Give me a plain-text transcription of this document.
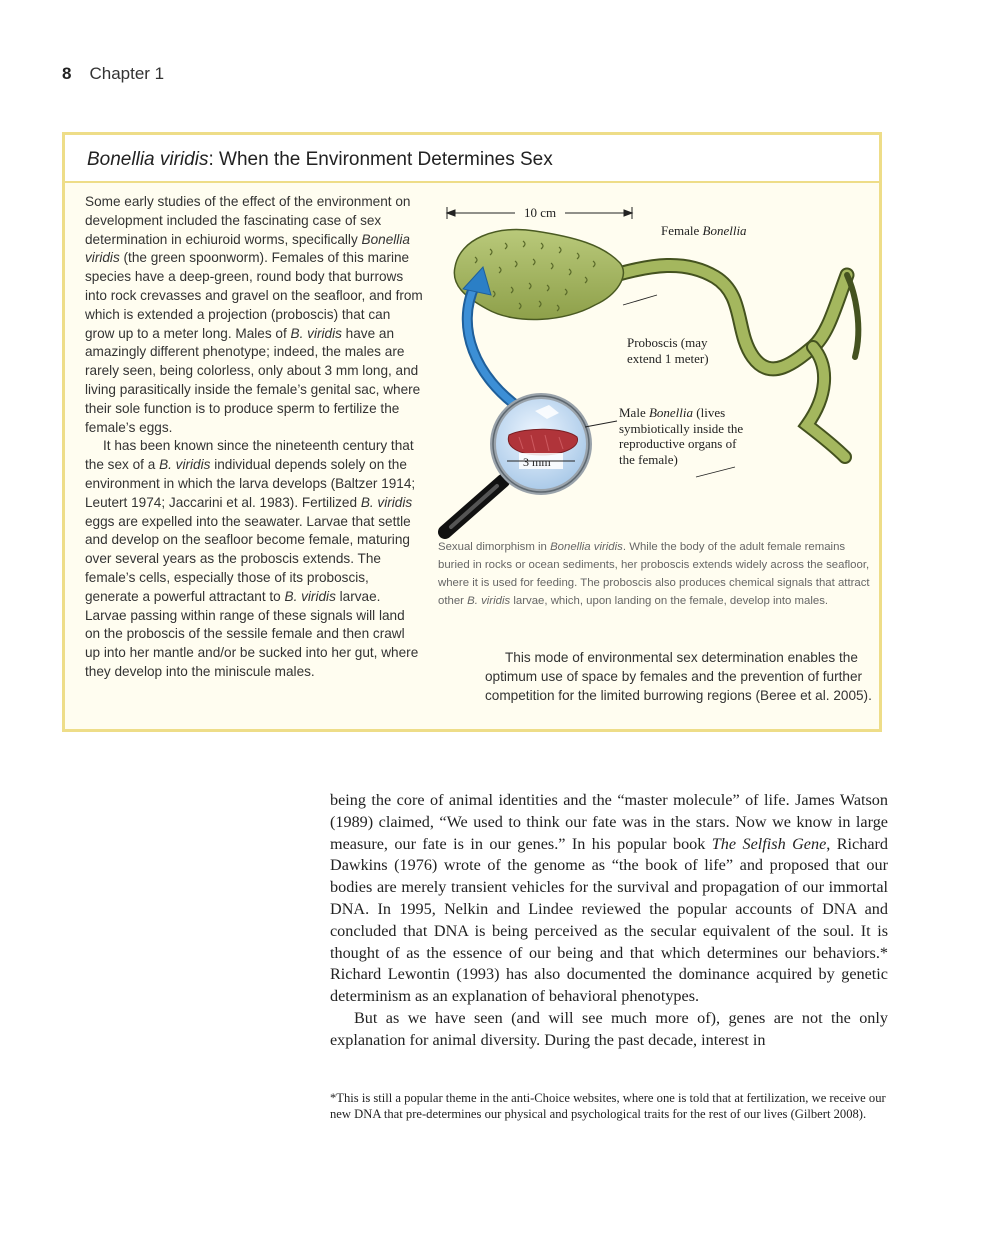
8 Chapter 1
Bonellia viridis: When the Environment Determines Sex

Some early studies of the effect of the environment on development included the fascinating case of sex determination in echiuroid worms, specifically Bonellia viridis (the green spoonworm). Females of this marine species have a deep-green, round body that burrows into rock crevasses and gravel on the seafloor, and from which is extended a projection (proboscis) that can grow up to a meter long. Males of B. viridis have an amazingly different phenotype; indeed, the males are rarely seen, being colorless, only about 3 mm long, and living parasitically inside the female’s genital sac, where their sole function is to produce sperm to fertilize the female’s eggs.

It has been known since the nineteenth century that the sex of a B. viridis individual depends solely on the environment in which the larva develops (Baltzer 1914; Leutert 1974; Jaccarini et al. 1983). Fertilized B. viridis eggs are expelled into the seawater. Larvae that settle and develop on the seafloor become female, maturing over several years as the proboscis extends. The female’s cells, especially those of its proboscis, generate a powerful attractant to B. viridis larvae. Larvae passing within range of these signals will land on the proboscis of the sessile female and then crawl up into her mantle and/or be sucked into her gut, where they develop into the miniscule males.

10 cm
Female Bonellia
Proboscis (may extend 1 meter)
Male Bonellia (lives symbiotically inside the reproductive organs of the female)
3 mm
Sexual dimorphism in Bonellia viridis. While the body of the adult female remains buried in rocks or ocean sediments, her proboscis extends widely across the seafloor, where it is used for feeding. The proboscis also produces chemical signals that attract other B. viridis larvae, which, upon landing on the female, develop into males.

This mode of environmental sex determination enables the optimum use of space by females and the prevention of further competition for the limited burrowing regions (Beree et al. 2005).

being the core of animal identities and the “master molecule” of life. James Watson (1989) claimed, “We used to think our fate was in the stars. Now we know in large measure, our fate is in our genes.” In his popular book The Selfish Gene, Richard Dawkins (1976) wrote of the genome as “the book of life” and proposed that our bodies are merely transient vehicles for the survival and propagation of our immortal DNA. In 1995, Nelkin and Lindee reviewed the popular accounts of DNA and concluded that DNA is being perceived as the secular equivalent of the soul. It is thought of as the essence of our being and that which determines our behaviors.* Richard Lewontin (1993) has also documented the dominance acquired by genetic determinism as an explanation of behavioral phenotypes.

But as we have seen (and will see much more of), genes are not the only explanation for animal diversity. During the past decade, interest in

*This is still a popular theme in the anti-Choice websites, where one is told that at fertilization, we receive our new DNA that pre-determines our physical and psychological traits for the rest of our lives (Gilbert 2008).
